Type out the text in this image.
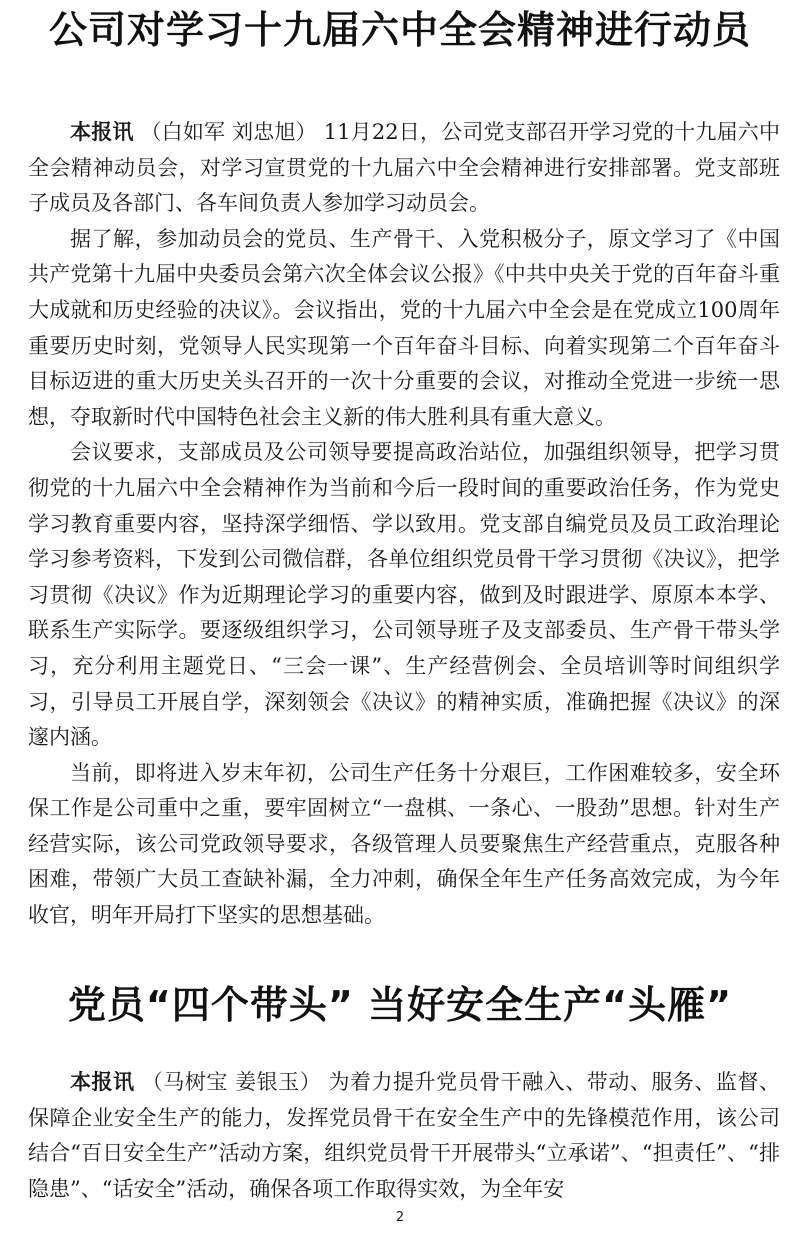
公司对学习十九届六中全会精神进行动员

本报讯 （白如军 刘忠旭） 11月22日，公司党支部召开学习党的十九届六中全会精神动员会，对学习宣贯党的十九届六中全会精神进行安排部署。党支部班子成员及各部门、各车间负责人参加学习动员会。

据了解，参加动员会的党员、生产骨干、入党积极分子，原文学习了《中国共产党第十九届中央委员会第六次全体会议公报》《中共中央关于党的百年奋斗重大成就和历史经验的决议》。会议指出，党的十九届六中全会是在党成立100周年重要历史时刻，党领导人民实现第一个百年奋斗目标、向着实现第二个百年奋斗目标迈进的重大历史关头召开的一次十分重要的会议，对推动全党进一步统一思想，夺取新时代中国特色社会主义新的伟大胜利具有重大意义。

会议要求，支部成员及公司领导要提高政治站位，加强组织领导，把学习贯彻党的十九届六中全会精神作为当前和今后一段时间的重要政治任务，作为党史学习教育重要内容，坚持深学细悟、学以致用。党支部自编党员及员工政治理论学习参考资料，下发到公司微信群，各单位组织党员骨干学习贯彻《决议》，把学习贯彻《决议》作为近期理论学习的重要内容，做到及时跟进学、原原本本学、联系生产实际学。要逐级组织学习，公司领导班子及支部委员、生产骨干带头学习，充分利用主题党日、“三会一课”、生产经营例会、全员培训等时间组织学习，引导员工开展自学，深刻领会《决议》的精神实质，准确把握《决议》的深邃内涵。

当前，即将进入岁末年初，公司生产任务十分艰巨，工作困难较多，安全环保工作是公司重中之重，要牢固树立“一盘棋、一条心、一股劲”思想。针对生产经营实际，该公司党政领导要求，各级管理人员要聚焦生产经营重点，克服各种困难，带领广大员工查缺补漏，全力冲刺，确保全年生产任务高效完成，为今年收官，明年开局打下坚实的思想基础。

党员“四个带头” 当好安全生产“头雁”

本报讯 （马树宝 姜银玉） 为着力提升党员骨干融入、带动、服务、监督、保障企业安全生产的能力，发挥党员骨干在安全生产中的先锋模范作用，该公司结合“百日安全生产”活动方案，组织党员骨干开展带头“立承诺”、“担责任”、“排隐患”、“话安全”活动，确保各项工作取得实效，为全年安

2
